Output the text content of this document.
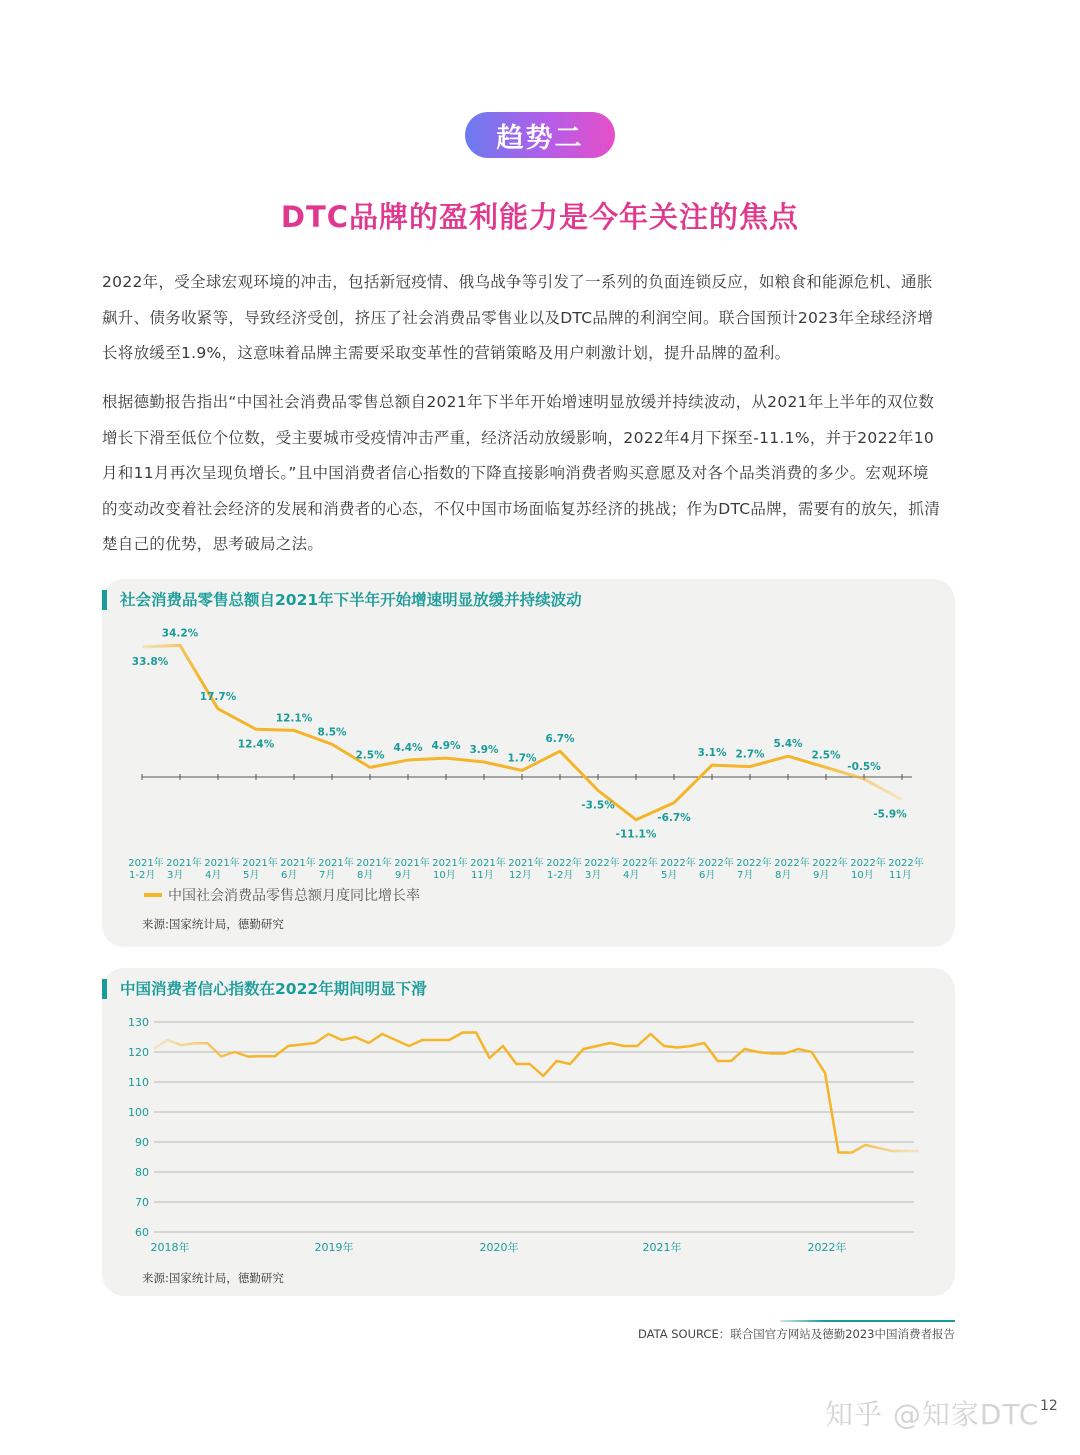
趋势二
DTC品牌的盈利能力是今年关注的焦点

2022年，受全球宏观环境的冲击，包括新冠疫情、俄乌战争等引发了一系列的负面连锁反应，如粮食和能源危机、通胀飙升、债务收紧等，导致经济受创，挤压了社会消费品零售业以及DTC品牌的利润空间。联合国预计2023年全球经济增长将放缓至1.9%，这意味着品牌主需要采取变革性的营销策略及用户刺激计划，提升品牌的盈利。

根据德勤报告指出“中国社会消费品零售总额自2021年下半年开始增速明显放缓并持续波动，从2021年上半年的双位数增长下滑至低位个位数，受主要城市受疫情冲击严重，经济活动放缓影响，2022年4月下探至-11.1%，并于2022年10月和11月再次呈现负增长。”且中国消费者信心指数的下降直接影响消费者购买意愿及对各个品类消费的多少。宏观环境的变动改变着社会经济的发展和消费者的心态，不仅中国市场面临复苏经济的挑战；作为DTC品牌，需要有的放矢，抓清楚自己的优势，思考破局之法。

社会消费品零售总额自2021年下半年开始增速明显放缓并持续波动
33.8%
34.2%
17.7%
12.4%
12.1%
8.5%
2.5%
4.4% 4.9% 3.9%
1.7%
6.7%
-3.5%
-11.1%
-6.7%
3.1% 2.7%
5.4%
2.5%
-0.5%
-5.9%
2021年
1-2月
2021年
3月
2021年
4月
2021年
5月
2021年
6月
2021年
7月
2021年
8月
2021年
9月
2021年
10月
2021年
11月
2021年
12月
2022年
1-2月
2022年
3月
2022年
4月
2022年
5月
2022年
6月
2022年
7月
2022年
8月
2022年
9月
2022年
10月
2022年
11月
中国社会消费品零售总额月度同比增长率
来源:国家统计局，德勤研究
中国消费者信心指数在2022年期间明显下滑
130
120
110
100
90
80
70
60
2018年	2019年	2020年	2021年	2022年
来源:国家统计局，德勤研究
DATA SOURCE：联合国官方网站及德勤2023中国消费者报告
知乎 @知家DTC 12
